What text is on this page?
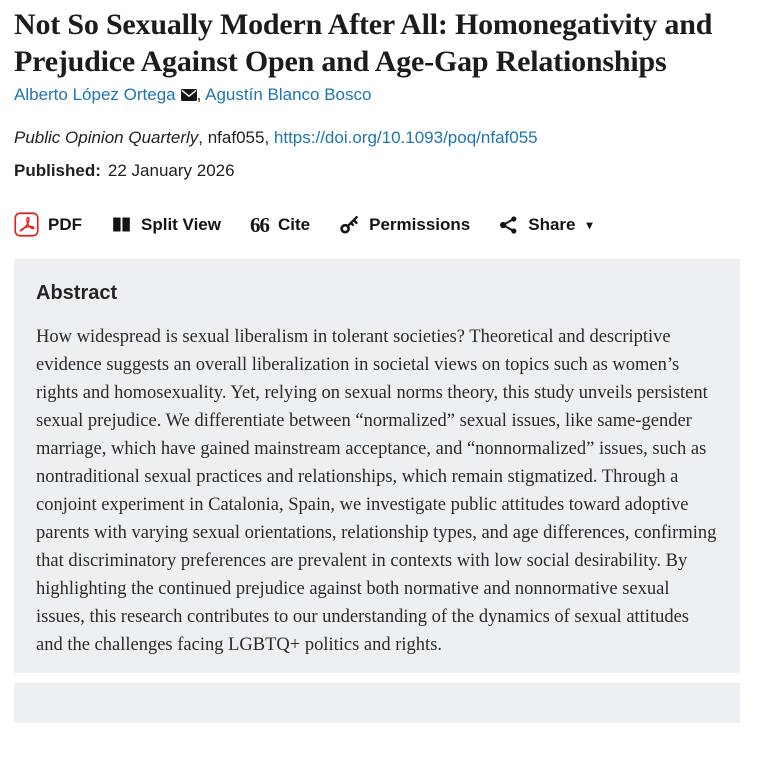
Not So Sexually Modern After All: Homonegativity and Prejudice Against Open and Age-Gap Relationships
Alberto López Ortega , Agustín Blanco Bosco
Public Opinion Quarterly, nfaf055, https://doi.org/10.1093/poq/nfaf055
Published: 22 January 2026
PDF	Split View 66 Cite	Permissions	Share ▾
Abstract

How widespread is sexual liberalism in tolerant societies? Theoretical and descriptive evidence suggests an overall liberalization in societal views on topics such as women’s rights and homosexuality. Yet, relying on sexual norms theory, this study unveils persistent sexual prejudice. We differentiate between “normalized” sexual issues, like same-gender marriage, which have gained mainstream acceptance, and “nonnormalized” issues, such as nontraditional sexual practices and relationships, which remain stigmatized. Through a conjoint experiment in Catalonia, Spain, we investigate public attitudes toward adoptive parents with varying sexual orientations, relationship types, and age differences, confirming that discriminatory preferences are prevalent in contexts with low social desirability. By highlighting the continued prejudice against both normative and nonnormative sexual issues, this research contributes to our understanding of the dynamics of sexual attitudes and the challenges facing LGBTQ+ politics and rights.
